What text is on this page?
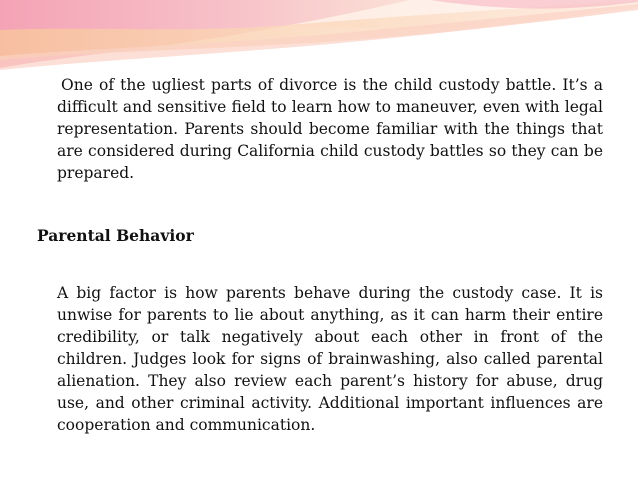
One of the ugliest parts of divorce is the child custody battle. It’s a difficult and sensitive field to learn how to maneuver, even with legal representation. Parents should become familiar with the things that are considered during California child custody battles so they can be prepared.
Parental Behavior
A big factor is how parents behave during the custody case. It is unwise for parents to lie about anything, as it can harm their entire credibility, or talk negatively about each other in front of the children. Judges look for signs of brainwashing, also called parental alienation. They also review each parent’s history for abuse, drug use, and other criminal activity. Additional important influences are cooperation and communication.
